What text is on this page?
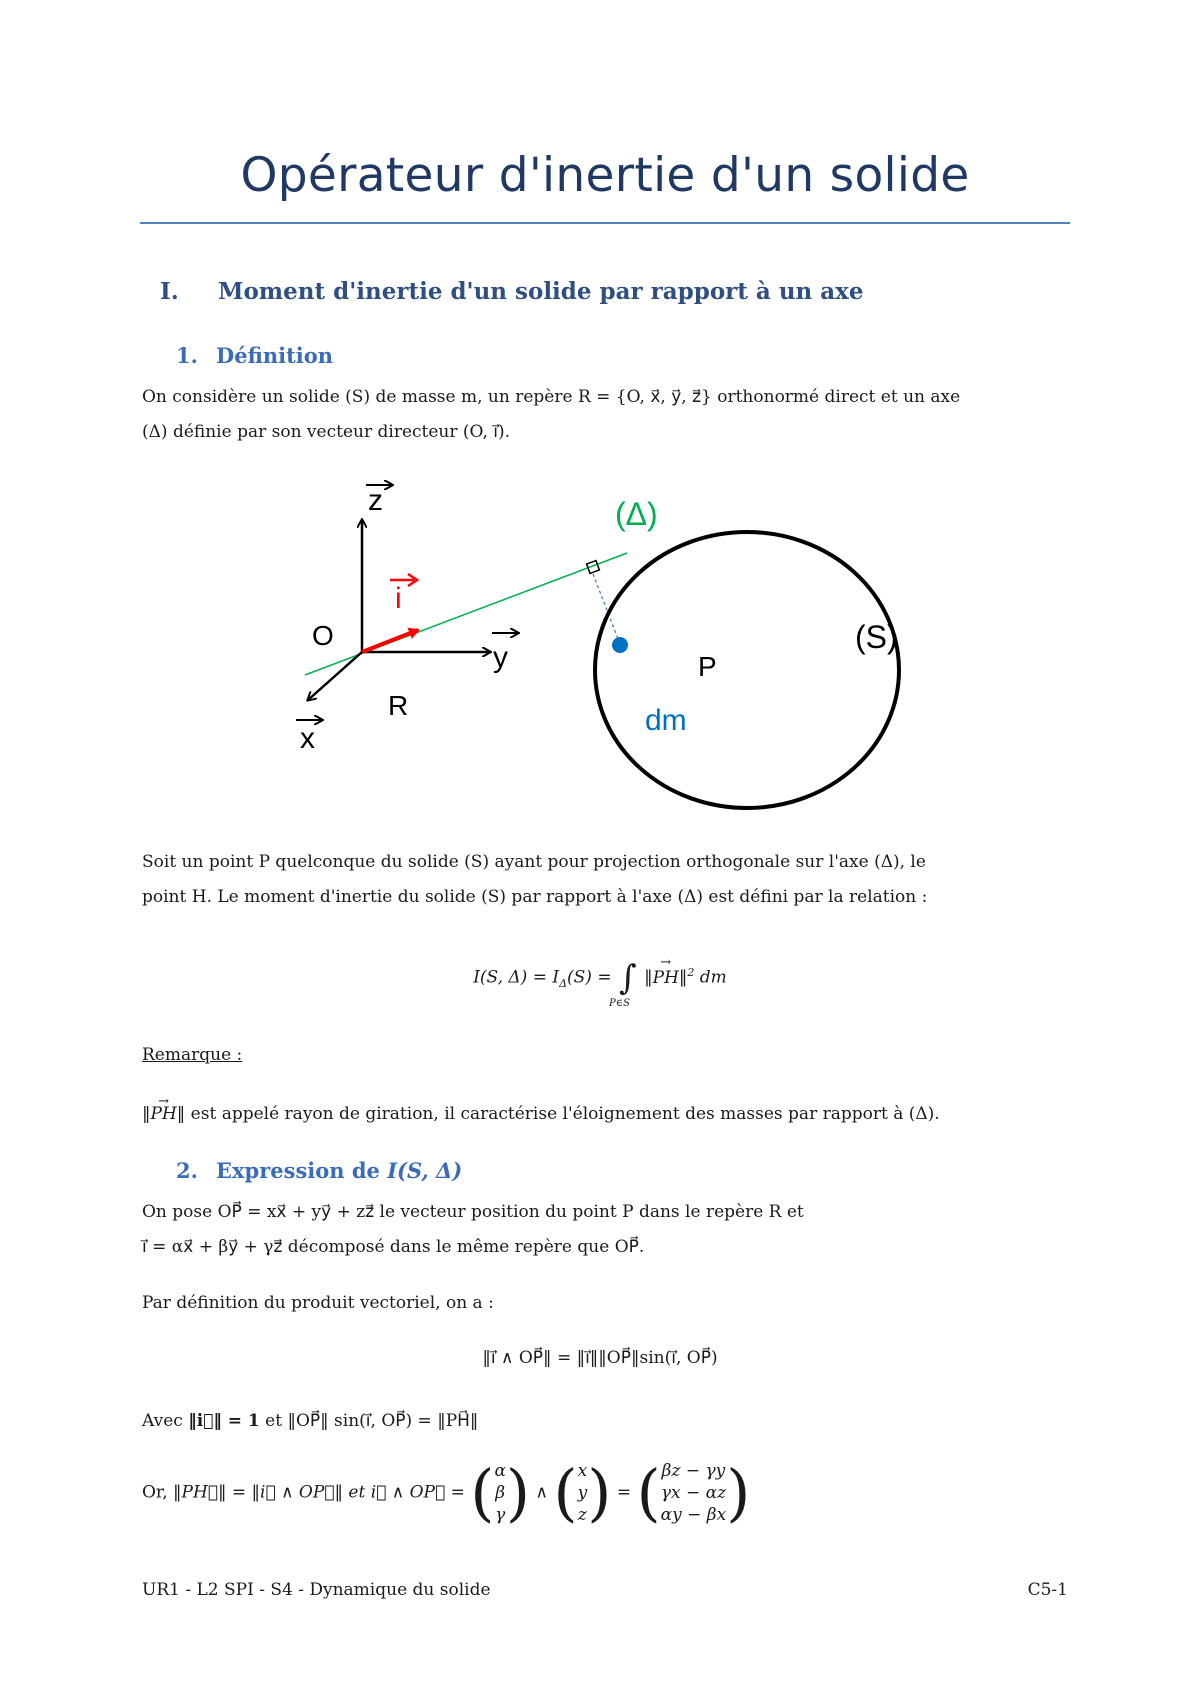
Opérateur d'inertie d'un solide
I. Moment d'inertie d'un solide par rapport à un axe
1. Définition
On considère un solide (S) de masse m, un repère R = {O, x⃗, y⃗, z⃗} orthonormé direct et un axe
(Δ) définie par son vecteur directeur (O, i⃗).
z
y
x
i
O
R
(Δ)
(S)
P
dm
Soit un point P quelconque du solide (S) ayant pour projection orthogonale sur l'axe (Δ), le
point H. Le moment d'inertie du solide (S) par rapport à l'axe (Δ) est défini par la relation :
I(S, $\Delta) = I_\Delta(S)$ = ∫
P∈S
‖→ PH‖$^2$ dm
Remarque :
‖→ PH‖ est appelé rayon de giration, il caractérise l'éloignement des masses par rapport à (Δ).
2. Expression de I(S, Δ)
On pose OP⃗ = xx⃗ + yy⃗ + zz⃗ le vecteur position du point P dans le repère R et
i⃗ = αx⃗ + βy⃗ + γz⃗ décomposé dans le même repère que OP⃗.
Par définition du produit vectoriel, on a :
‖i⃗ ∧ OP⃗‖ = ‖i⃗‖‖OP⃗‖sin(i⃗, OP⃗)
Avec ‖i⃗‖ = 1 et ‖OP⃗‖ sin(i⃗, OP⃗) = ‖PH⃗‖
Or, ‖PH⃗‖ = ‖i⃗ ∧ OP⃗‖ et i⃗ ∧ OP⃗ = ( α
β
γ ) ∧ ( x
y
z ) = ( βz − γy
γx − αz
αy − βx )
UR1 - L2 SPI - S4 - Dynamique du solide	C5-1
